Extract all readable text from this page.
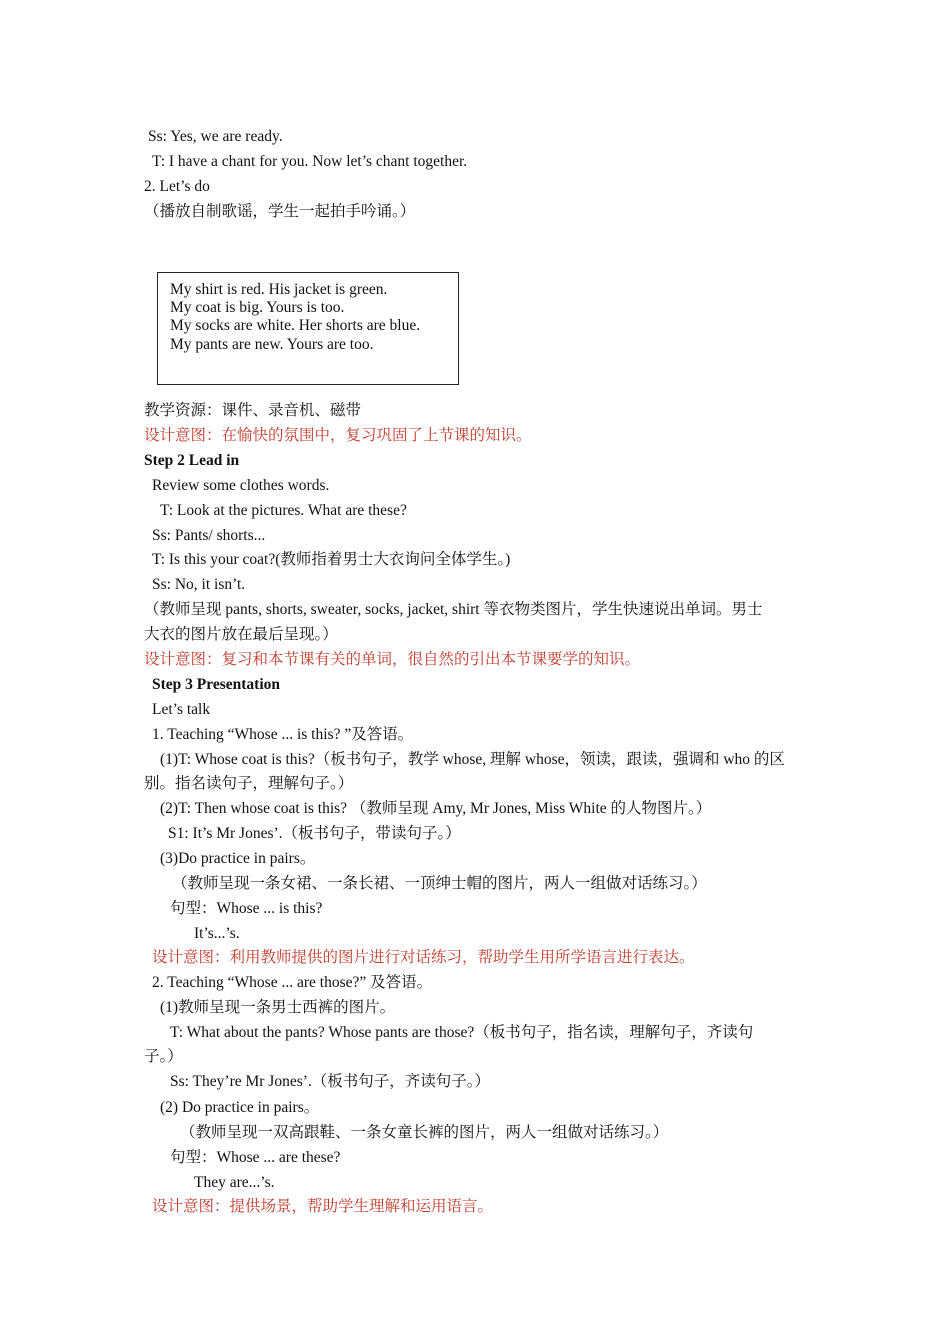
Ss: Yes, we are ready.
T: I have a chant for you. Now let’s chant together.
2. Let’s do
（播放自制歌谣，学生一起拍手吟诵。）
My shirt is red. His jacket is green.
My coat is big. Yours is too.
My socks are white. Her shorts are blue.
My pants are new. Yours are too.
教学资源：课件、录音机、磁带
设计意图：在愉快的氛围中，复习巩固了上节课的知识。
Step 2 Lead in
Review some clothes words.
T: Look at the pictures. What are these?
Ss: Pants/ shorts...
T: Is this your coat?(教师指着男士大衣询问全体学生。)
Ss: No, it isn’t.
（教师呈现 pants, shorts, sweater, socks, jacket, shirt 等衣物类图片，学生快速说出单词。男士
大衣的图片放在最后呈现。）
设计意图：复习和本节课有关的单词，很自然的引出本节课要学的知识。
Step 3 Presentation
Let’s talk
1. Teaching “Whose ... is this? ”及答语。
(1)T: Whose coat is this?（板书句子，教学 whose, 理解 whose，领读，跟读，强调和 who 的区
别。指名读句子，理解句子。）
(2)T: Then whose coat is this? （教师呈现 Amy, Mr Jones, Miss White 的人物图片。）
S1: It’s Mr Jones’.（板书句子，带读句子。）
(3)Do practice in pairs。
（教师呈现一条女裙、一条长裙、一顶绅士帽的图片，两人一组做对话练习。）
句型：Whose ... is this?
It’s...’s.
设计意图：利用教师提供的图片进行对话练习，帮助学生用所学语言进行表达。
2. Teaching “Whose ... are those?” 及答语。
(1)教师呈现一条男士西裤的图片。
T: What about the pants? Whose pants are those?（板书句子，指名读，理解句子，齐读句
子。）
Ss: They’re Mr Jones’.（板书句子，齐读句子。）
(2) Do practice in pairs。
（教师呈现一双高跟鞋、一条女童长裤的图片，两人一组做对话练习。）
句型：Whose ... are these?
They are...’s.
设计意图：提供场景，帮助学生理解和运用语言。
